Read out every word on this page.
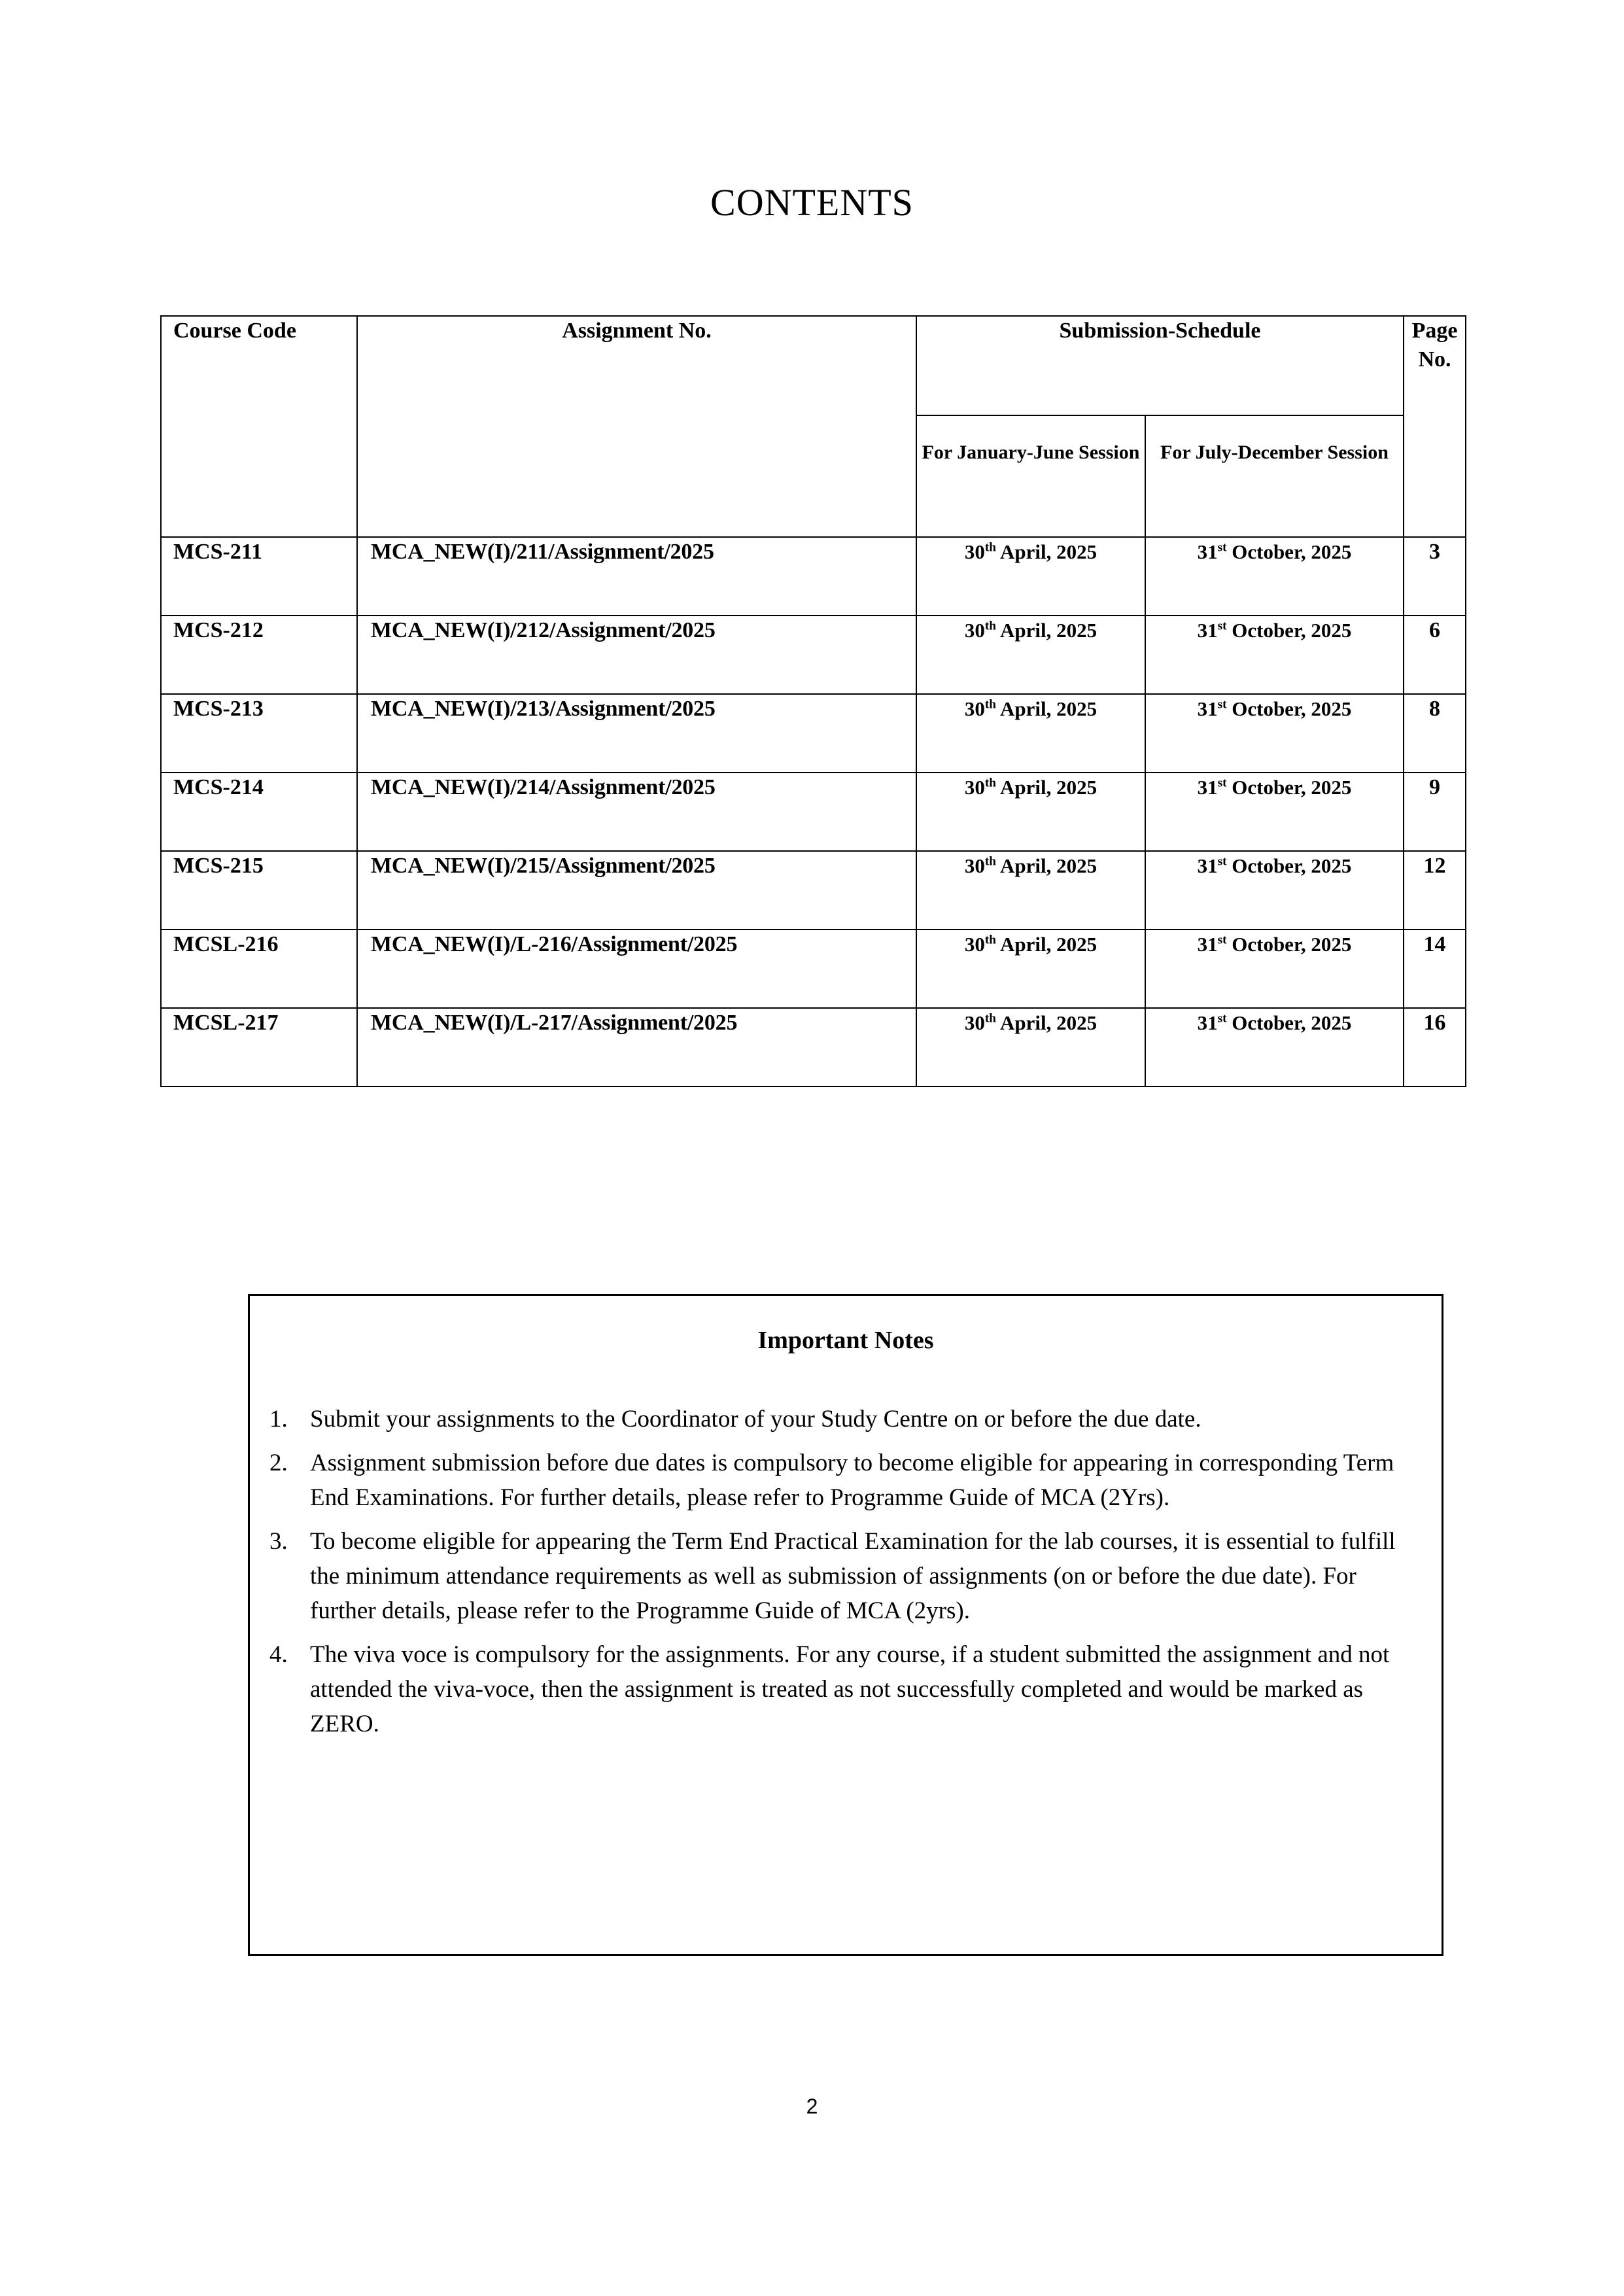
CONTENTS
Course Code	Assignment No.	Submission-Schedule		Page No.
		For January-June Session	For July-December Session	
MCS-211	MCA_NEW(I)/211/Assignment/2025	30th April, 2025	31st October, 2025	3
MCS-212	MCA_NEW(I)/212/Assignment/2025	30th April, 2025	31st October, 2025	6
MCS-213	MCA_NEW(I)/213/Assignment/2025	30th April, 2025	31st October, 2025	8
MCS-214	MCA_NEW(I)/214/Assignment/2025	30th April, 2025	31st October, 2025	9
MCS-215	MCA_NEW(I)/215/Assignment/2025	30th April, 2025	31st October, 2025	12
MCSL-216	MCA_NEW(I)/L-216/Assignment/2025	30th April, 2025	31st October, 2025	14
MCSL-217	MCA_NEW(I)/L-217/Assignment/2025	30th April, 2025	31st October, 2025	16
Important Notes
1. Submit your assignments to the Coordinator of your Study Centre on or before the due date.
2. Assignment submission before due dates is compulsory to become eligible for appearing in corresponding Term End Examinations. For further details, please refer to Programme Guide of MCA (2Yrs).
3. To become eligible for appearing the Term End Practical Examination for the lab courses, it is essential to fulfill the minimum attendance requirements as well as submission of assignments (on or before the due date). For further details, please refer to the Programme Guide of MCA (2yrs).
4. The viva voce is compulsory for the assignments. For any course, if a student submitted the assignment and not attended the viva-voce, then the assignment is treated as not successfully completed and would be marked as ZERO.
2
